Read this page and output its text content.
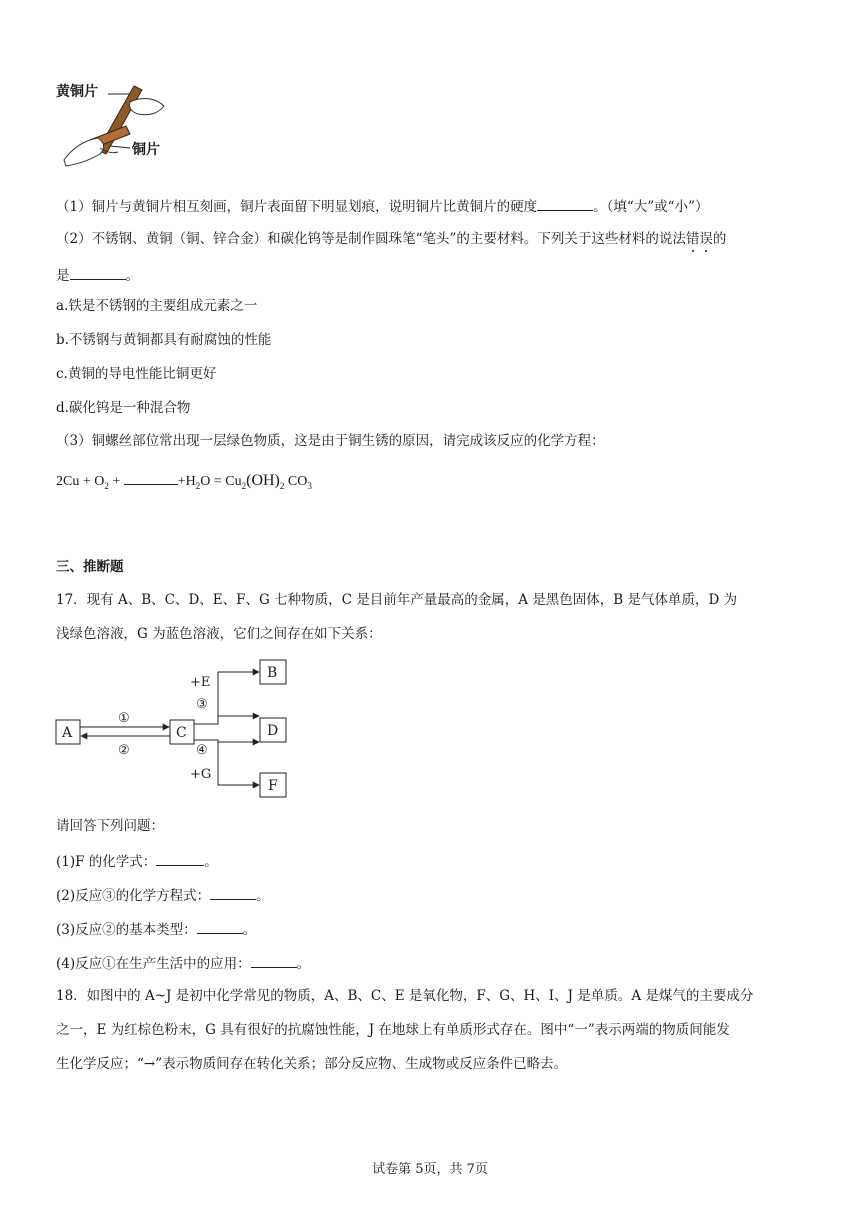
黄铜片
铜片
（1）铜片与黄铜片相互刻画，铜片表面留下明显划痕，说明铜片比黄铜片的硬度	。（填“大”或“小”）
（2）不锈钢、黄铜（铜、锌合金）和碳化钨等是制作圆珠笔“笔头”的主要材料。下列关于这些材料的说法错误的
是	。
a.铁是不锈钢的主要组成元素之一
b.不锈钢与黄铜都具有耐腐蚀的性能
c.黄铜的导电性能比铜更好
d.碳化钨是一种混合物
（3）铜螺丝部位常出现一层绿色物质，这是由于铜生锈的原因，请完成该反应的化学方程：
$2Cu + O_2$ +	$+H_2O = Cu_2(OH)_2$ $CO_3$
三、推断题
17．现有 A、B、C、D、E、F、G 七种物质，C 是目前年产量最高的金属，A 是黑色固体，B 是气体单质，D 为
浅绿色溶液，G 为蓝色溶液，它们之间存在如下关系：
A	C
B
D
F
①
②
③
④
+E
+G
请回答下列问题：
(1)F 的化学式：	。
(2)反应③的化学方程式：	。
(3)反应②的基本类型：	。
(4)反应①在生产生活中的应用：	。
18．如图中的 A~J 是初中化学常见的物质，A、B、C、E 是氧化物，F、G、H、I、J 是单质。A 是煤气的主要成分
之一，E 为红棕色粉末，G 具有很好的抗腐蚀性能，J 在地球上有单质形式存在。图中“一”表示两端的物质间能发
生化学反应；“→”表示物质间存在转化关系；部分反应物、生成物或反应条件已略去。
试卷第 5页，共 7页
